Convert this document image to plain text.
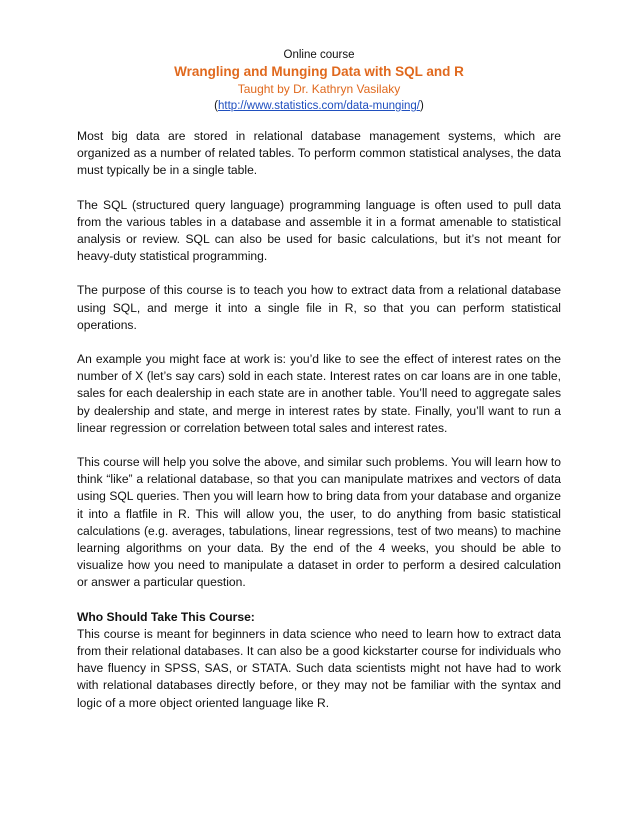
Online course
Wrangling and Munging Data with SQL and R
Taught by Dr. Kathryn Vasilaky
(http://www.statistics.com/data-munging/)

Most big data are stored in relational database management systems, which are organized as a number of related tables. To perform common statistical analyses, the data must typically be in a single table.

The SQL (structured query language) programming language is often used to pull data from the various tables in a database and assemble it in a format amenable to statistical analysis or review. SQL can also be used for basic calculations, but it’s not meant for heavy-duty statistical programming.

The purpose of this course is to teach you how to extract data from a relational database using SQL, and merge it into a single file in R, so that you can perform statistical operations.

An example you might face at work is: you’d like to see the effect of interest rates on the number of X (let’s say cars) sold in each state. Interest rates on car loans are in one table, sales for each dealership in each state are in another table. You’ll need to aggregate sales by dealership and state, and merge in interest rates by state. Finally, you’ll want to run a linear regression or correlation between total sales and interest rates.

This course will help you solve the above, and similar such problems. You will learn how to think “like” a relational database, so that you can manipulate matrixes and vectors of data using SQL queries. Then you will learn how to bring data from your database and organize it into a flatfile in R. This will allow you, the user, to do anything from basic statistical calculations (e.g. averages, tabulations, linear regressions, test of two means) to machine learning algorithms on your data. By the end of the 4 weeks, you should be able to visualize how you need to manipulate a dataset in order to perform a desired calculation or answer a particular question.

Who Should Take This Course:

This course is meant for beginners in data science who need to learn how to extract data from their relational databases. It can also be a good kickstarter course for individuals who have fluency in SPSS, SAS, or STATA. Such data scientists might not have had to work with relational databases directly before, or they may not be familiar with the syntax and logic of a more object oriented language like R.
